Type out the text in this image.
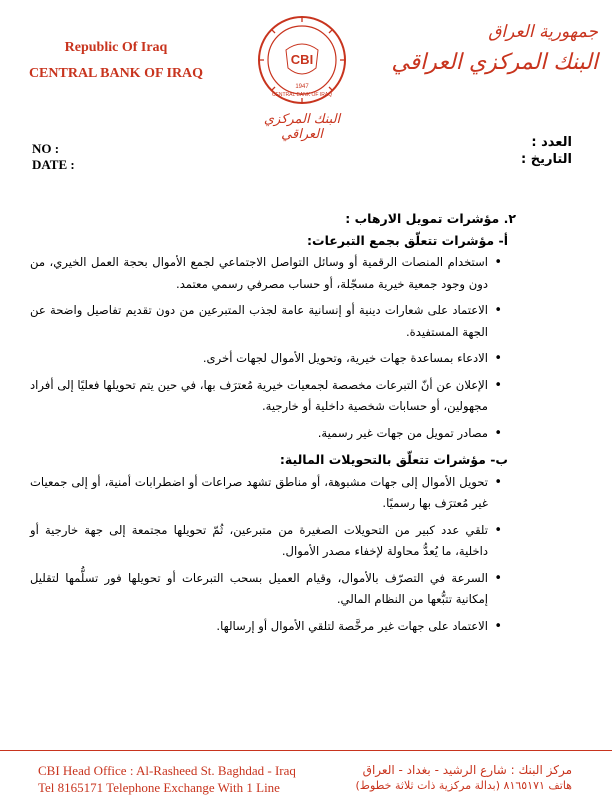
Republic Of Iraq
CENTRAL BANK OF IRAQ
جمهورية العراق
البنك المركزي العراقي
CBI
1947
CENTRAL BANK OF IRAQ
البنك المركزي العراقي
NO :
DATE :
العدد :
التاريخ :

٢. مؤشرات تمويل الارهاب :

أ- مؤشرات تتعلّق بجمع التبرعات:

• استخدام المنصات الرقمية أو وسائل التواصل الاجتماعي لجمع الأموال بحجة العمل الخيري، من دون وجود جمعية خيرية مسجّلة، أو حساب مصرفي رسمي معتمد.
• الاعتماد على شعارات دينية أو إنسانية عامة لجذب المتبرعين من دون تقديم تفاصيل واضحة عن الجهة المستفيدة.
• الادعاء بمساعدة جهات خيرية، وتحويل الأموال لجهات أخرى.
• الإعلان عن أنّ التبرعات مخصصة لجمعيات خيرية مُعترَف بها، في حين يتم تحويلها فعليًا إلى أفراد مجهولين، أو حسابات شخصية داخلية أو خارجية.
• مصادر تمويل من جهات غير رسمية.

ب- مؤشرات تتعلّق بالتحويلات المالية:

• تحويل الأموال إلى جهات مشبوهة، أو مناطق تشهد صراعات أو اضطرابات أمنية، أو إلى جمعيات غير مُعترَف بها رسميًا.
• تلقي عدد كبير من التحويلات الصغيرة من متبرعين، ثُمّ تحويلها مجتمعة إلى جهة خارجية أو داخلية، ما يُعدُّ محاولة لإخفاء مصدر الأموال.
• السرعة في التصرّف بالأموال، وقيام العميل بسحب التبرعات أو تحويلها فور تسلُّمها لتقليل إمكانية تتبُّعها من النظام المالي.
• الاعتماد على جهات غير مرخَّصة لتلقي الأموال أو إرسالها.
CBI Head Office : Al-Rasheed St. Baghdad - Iraq
Tel 8165171 Telephone Exchange With 1 Line
مركز البنك : شارع الرشيد - بغداد - العراق
هاتف ٨١٦٥١٧١ (بدالة مركزية ذات ثلاثة خطوط)
